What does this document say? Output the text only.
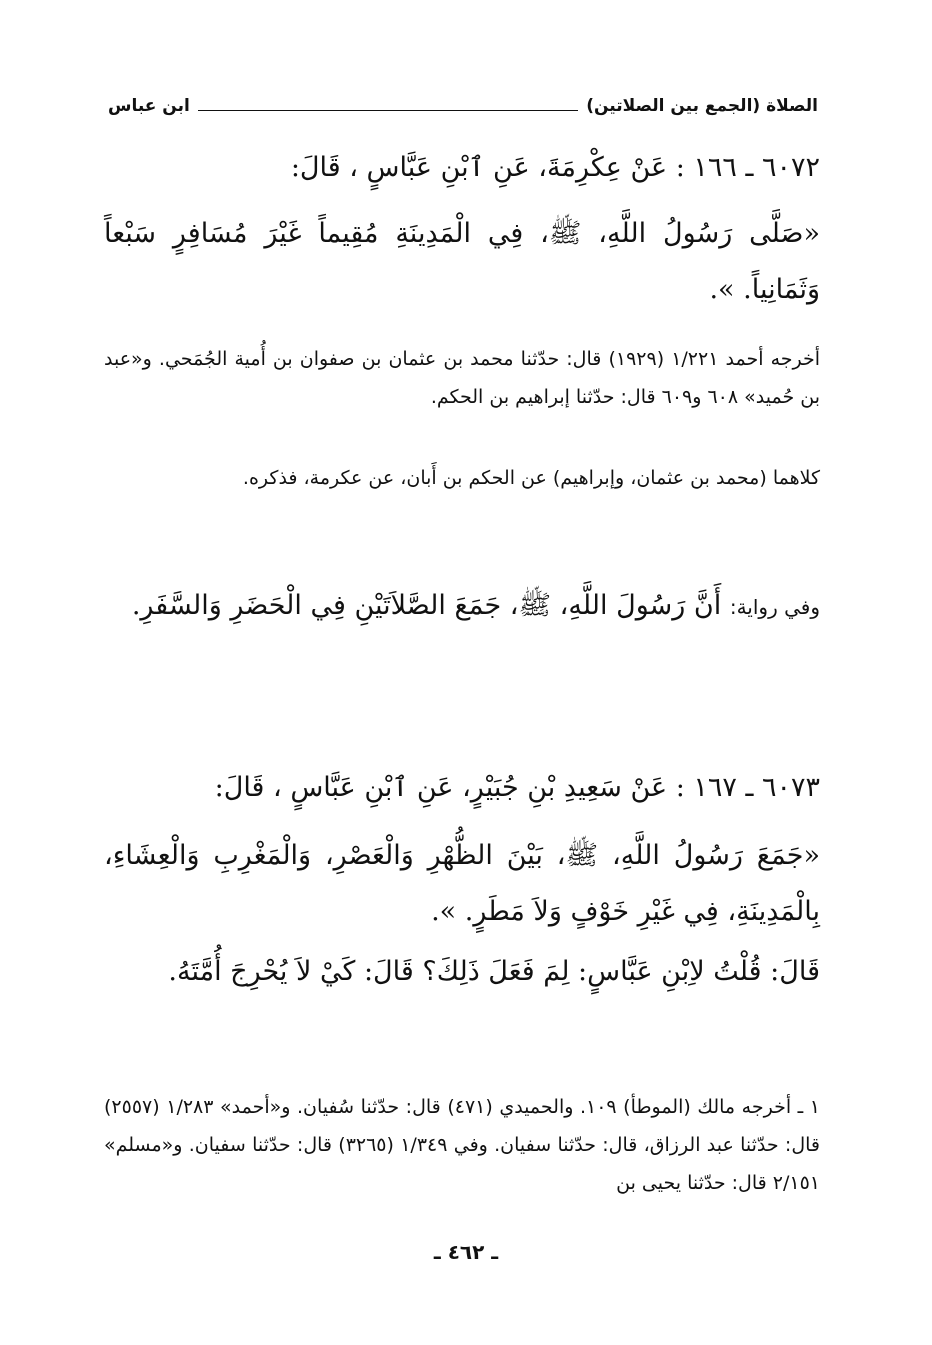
الصلاة (الجمع بين الصلاتين)
ابن عباس
٦٠٧٢ ـ ١٦٦ : عَنْ عِكْرِمَةَ، عَنِ ٱبْنِ عَبَّاسٍ ، قَالَ:
«صَلَّى رَسُولُ اللَّهِ، ﷺ، فِي الْمَدِينَةِ مُقِيماً غَيْرَ مُسَافِرٍ سَبْعاً وَثَمَانِياً. ».
أخرجه أحمد ١/٢٢١ (١٩٢٩) قال: حدّثنا محمد بن عثمان بن صفوان بن أُمية الجُمَحي. و«عبد بن حُميد» ٦٠٨ و٦٠٩ قال: حدّثنا إبراهيم بن الحكم.
كلاهما (محمد بن عثمان، وإبراهيم) عن الحكم بن أَبان، عن عكرمة، فذكره.
وفي رواية: أَنَّ رَسُولَ اللَّهِ، ﷺ، جَمَعَ الصَّلاَتَيْنِ فِي الْحَضَرِ وَالسَّفَرِ.
٦٠٧٣ ـ ١٦٧ : عَنْ سَعِيدِ بْنِ جُبَيْرٍ، عَنِ ٱبْنِ عَبَّاسٍ ، قَالَ:
«جَمَعَ رَسُولُ اللَّهِ، ﷺ، بَيْنَ الظُّهْرِ وَالْعَصْرِ، وَالْمَغْرِبِ وَالْعِشَاءِ، بِالْمَدِينَةِ، فِي غَيْرِ خَوْفٍ وَلاَ مَطَرٍ. ».
قَالَ: قُلْتُ لاِبْنِ عَبَّاسٍ: لِمَ فَعَلَ ذَلِكَ؟ قَالَ: كَيْ لاَ يُحْرِجَ أُمَّتَهُ.
١ ـ أخرجه مالك (الموطأ) ١٠٩. والحميدي (٤٧١) قال: حدّثنا سُفيان. و«أحمد» ١/٢٨٣ (٢٥٥٧) قال: حدّثنا عبد الرزاق، قال: حدّثنا سفيان. وفي ١/٣٤٩ (٣٢٦٥) قال: حدّثنا سفيان. و«مسلم» ٢/١٥١ قال: حدّثنا يحيى بن
ـ ٤٦٢ ـ
